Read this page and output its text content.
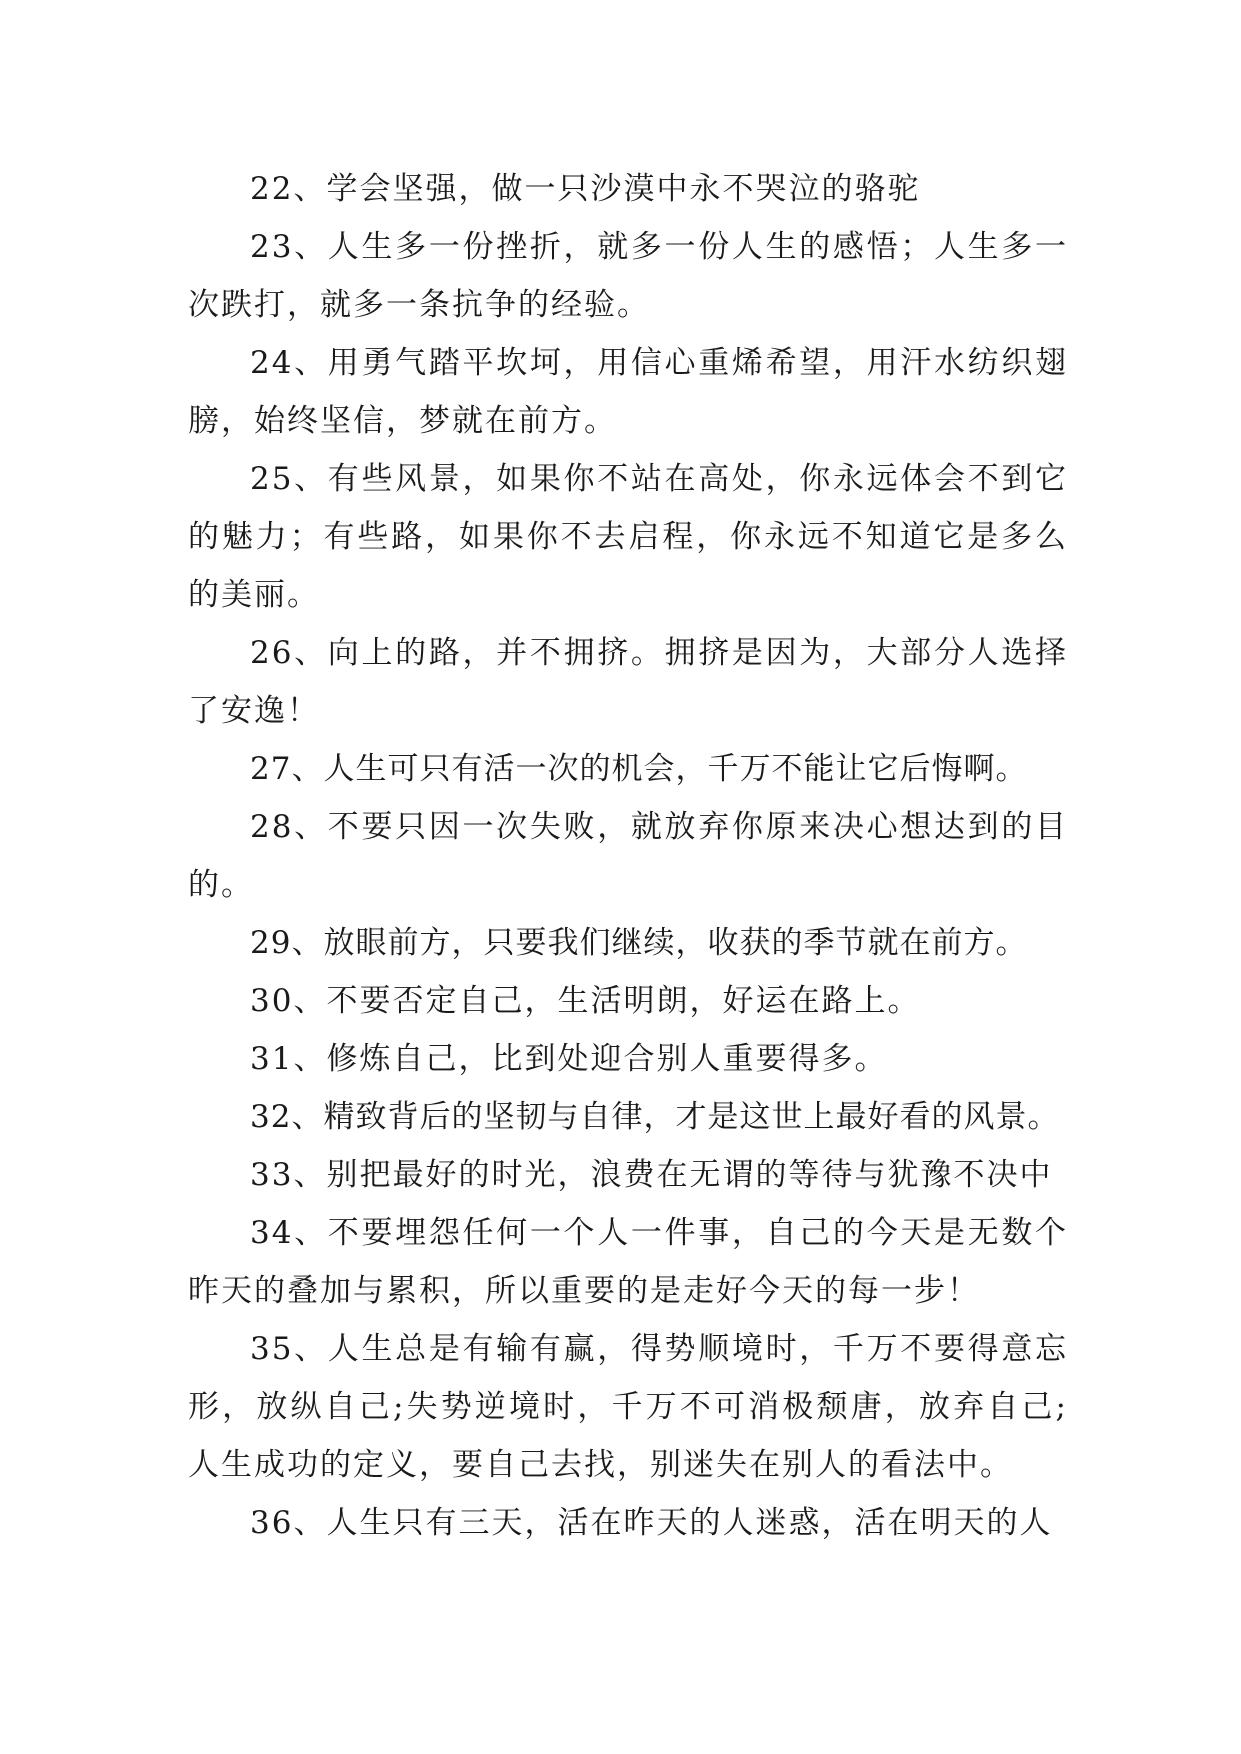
22、学会坚强，做一只沙漠中永不哭泣的骆驼

23、人生多一份挫折，就多一份人生的感悟；人生多一次跌打，就多一条抗争的经验。

24、用勇气踏平坎坷，用信心重烯希望，用汗水纺织翅膀，始终坚信，梦就在前方。

25、有些风景，如果你不站在高处，你永远体会不到它的魅力；有些路，如果你不去启程，你永远不知道它是多么的美丽。

26、向上的路，并不拥挤。拥挤是因为，大部分人选择了安逸！

27、人生可只有活一次的机会，千万不能让它后悔啊。

28、不要只因一次失败，就放弃你原来决心想达到的目的。

29、放眼前方，只要我们继续，收获的季节就在前方。

30、不要否定自己，生活明朗，好运在路上。

31、修炼自己，比到处迎合别人重要得多。

32、精致背后的坚韧与自律，才是这世上最好看的风景。

33、别把最好的时光，浪费在无谓的等待与犹豫不决中

34、不要埋怨任何一个人一件事，自己的今天是无数个昨天的叠加与累积，所以重要的是走好今天的每一步！

35、人生总是有输有赢，得势顺境时，千万不要得意忘形，放纵自己;失势逆境时，千万不可消极颓唐，放弃自己;人生成功的定义，要自己去找，别迷失在别人的看法中。

36、人生只有三天，活在昨天的人迷惑，活在明天的人
